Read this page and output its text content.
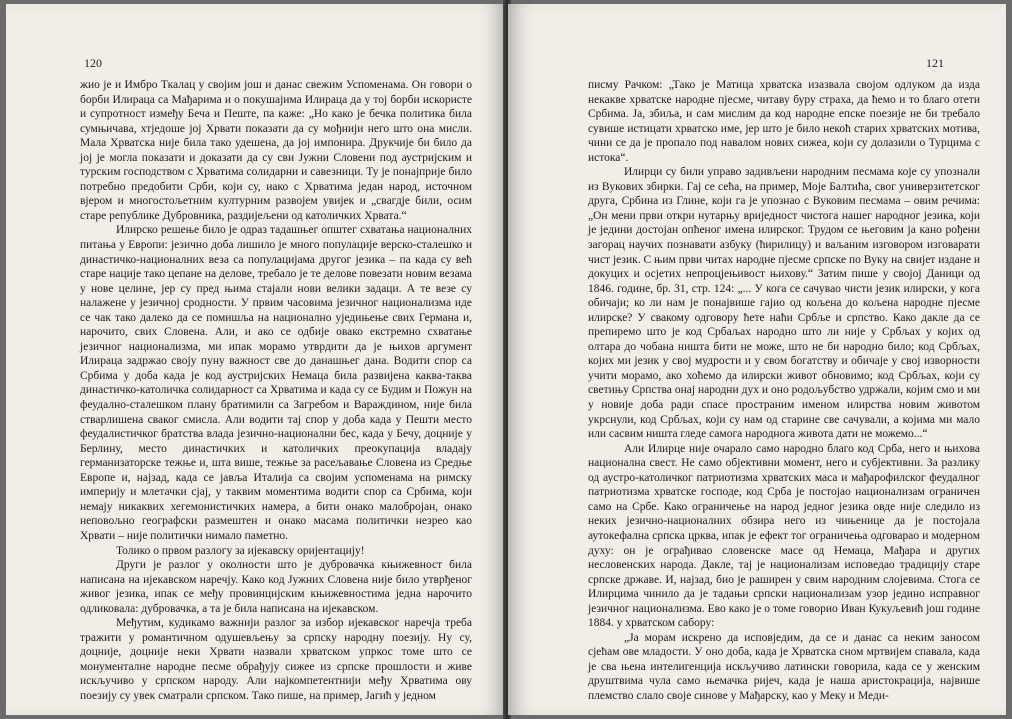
120

жио је и Имбро Ткалац у својим још и данас свежим Успоменама. Он говори о борби Илираца са Мађарима и о покушајима Илираца да у тој борби искористе и супротност између Беча и Пеште, па каже: „Но како је бечка политика била сумњичава, хтједоше јој Хрвати показати да су мођнији него што она мисли. Мала Хрватска није била тако удешена, да јој импонира. Друкчије би било да јој је могла показати и доказати да су сви Јужни Словени под аустријским и турским господством с Хрватима солидарни и савезници. Ту је понајприје било потребно предобити Срби, који су, иако с Хрватима један народ, источном вјером и многостољетним културним развојем увијек и „свагдје били, осим старе републике Дубровника, раздијељени од католичких Хрвата.“

Илирско решење било је одраз тадашњег општег схватања националних питања у Европи: језично доба лишило је много популације верско-сталешко и династичко-националних веза са популацијама другог језика – па када су већ старе нације тако цепане на делове, требало је те делове повезати новим везама у нове целине, јер су пред њима стајали нови велики задаци. А те везе су налажене у језичној сродности. У првим часовима језичног национализма иде се чак тако далеко да се помишља на национално уједињење свих Германа и, нарочито, свих Словена. Али, и ако се одбије овако екстремно схватање језичног национализма, ми ипак морамо утврдити да је њихов аргумент Илираца задржао своју пуну важност све до данашњег дана. Водити спор са Србима у доба када је код аустријских Немаца била развијена каква-таква династичко-католичка солидарност са Хрватима и када су се Будим и Пожун на феудално-сталешком плану братимили са Загребом и Вараждином, није била стварлишена сваког смисла. Али водити тај спор у доба када у Пешти место феудалистичког братства влада језично-национални бес, када у Бечу, доцније у Берлину, место династичких и католичких преокупација владају германизаторске тежње и, шта више, тежње за расељавање Словена из Средње Европе и, најзад, када се јавља Италија са својим успоменама на римску империју и млетачки сјај, у таквим моментима водити спор са Србима, који немају никаквих хегемонистичких намера, а бити онако малобројан, онако неповољно географски размештен и онако масама политички незрео као Хрвати – није политички нимало паметно.

Толико о првом разлогу за ијекавску оријентацију!

Други је разлог у околности што је дубровачка књижевност била написана на ијекавском наречју. Како код Јужних Словена није било утврђеног живог језика, ипак се међу провинцијским књижевностима једна нарочито одликовала: дубровачка, а та је била написана на ијекавском.

Међутим, кудикамо важнији разлог за избор ијекавског наречја треба тражити у романтичном одушевљењу за српску народну поезију. Ну су, доцније, доцније неки Хрвати назвали хрватском упркос томе што се монументалне народне песме обрађују сижее из српске прошлости и живе искључиво у српском народу. Али најкомпетентнији међу Хрватима ову поезију су увек сматрали српском. Тако пише, на пример, Јагић у једном

121

писму Рачком: „Тако је Матица хрватска изазвала својом одлуком да изда некакве хрватске народне пјесме, читаву буру страха, да ћемо и то благо отети Србима. Ја, збиља, и сам мислим да код народне епске поезије не би требало сувише истицати хрватско име, јер што је било некоћ старих хрватских мотива, чини се да је пропало под навалом нових сижеа, који су долазили о Турцима с истока“.

Илирци су били управо задивљени народним песмама које су упознали из Вукових збирки. Гај се сећа, на пример, Моје Балтића, свог универзитетског друга, Србина из Глине, који га је упознао с Вуковим песмама – овим речима: „Он мени први откри нутарњу вриједност чистога нашег народног језика, који је једини достојан опћеног имена илирског. Трудом се његовим ја кано рођени загорац научих познавати азбуку (ћирилицу) и ваљаним изговором изговарати чист језик. С њим први читах народне пјесме српске по Вуку на свијет издане и докуцих и осјетих непроцјењивост њихову.“ Затим пише у својој Даници од 1846. године, бр. 31, стр. 124: „... У кога се сачувао чисти језик илирски, у кога обичаји; ко ли нам је понајвише гајио од кољена до кољена народне пјесме илирске? У свакому одговору ћете наћи Србље и српство. Како дакле да се препиремо што је код Србаљах народно што ли није у Србљах у којих од олтара до чобана ништа бити не може, што не би народно било; код Србљах, којих ми језик у свој мудрости и у свом богатству и обичаје у свој изворности учити морамо, ако хоћемо да илирски живот обновимо; код Србљах, који су светињу Српства онај народни дух и оно родољубство удржали, којим смо и ми у новије доба ради спасе пространим именом илирства новим животом укрснули, код Србљах, који су нам од старине све сачували, а којима ми мало или сасвим ништа гледе самога народнога живота дати не можемо...“

Али Илирце није очарало само народно благо код Срба, него и њихова национална свест. Не само објективни момент, него и субјективни. За разлику од аустро-католичког патриотизма хрватских маса и мађарофилског феудалног патриотизма хрватске господе, код Срба је постојао национализам ограничен само на Србе. Како ограничење на народ једног језика овде није следило из неких језично-националних обзира него из чињенице да је постојала аутокефална српска црква, ипак је ефект тог ограничења одговарао и модерном духу: он је ограђивао словенске масе од Немаца, Мађара и других несловенских народа. Дакле, тај је национализам исповедао традицију старе српске државе. И, најзад, био је раширен у свим народним слојевима. Стога се Илирцима чинило да је тадањи српски национализам узор једино исправног језичног национализма. Ево како је о томе говорио Иван Кукуљевић још године 1884. у хрватском сабору:

„Ја морам искрено да исповједим, да се и данас са неким заносом сјећам ове младости. У оно доба, када је Хрватска сном мртвијем спавала, када је сва њена интелигенција искључиво латински говорила, када се у женским друштвима чула само њемачка ријеч, када је наша аристокрација, највише племство слало своје синове у Мађарску, као у Меку и Меди-
